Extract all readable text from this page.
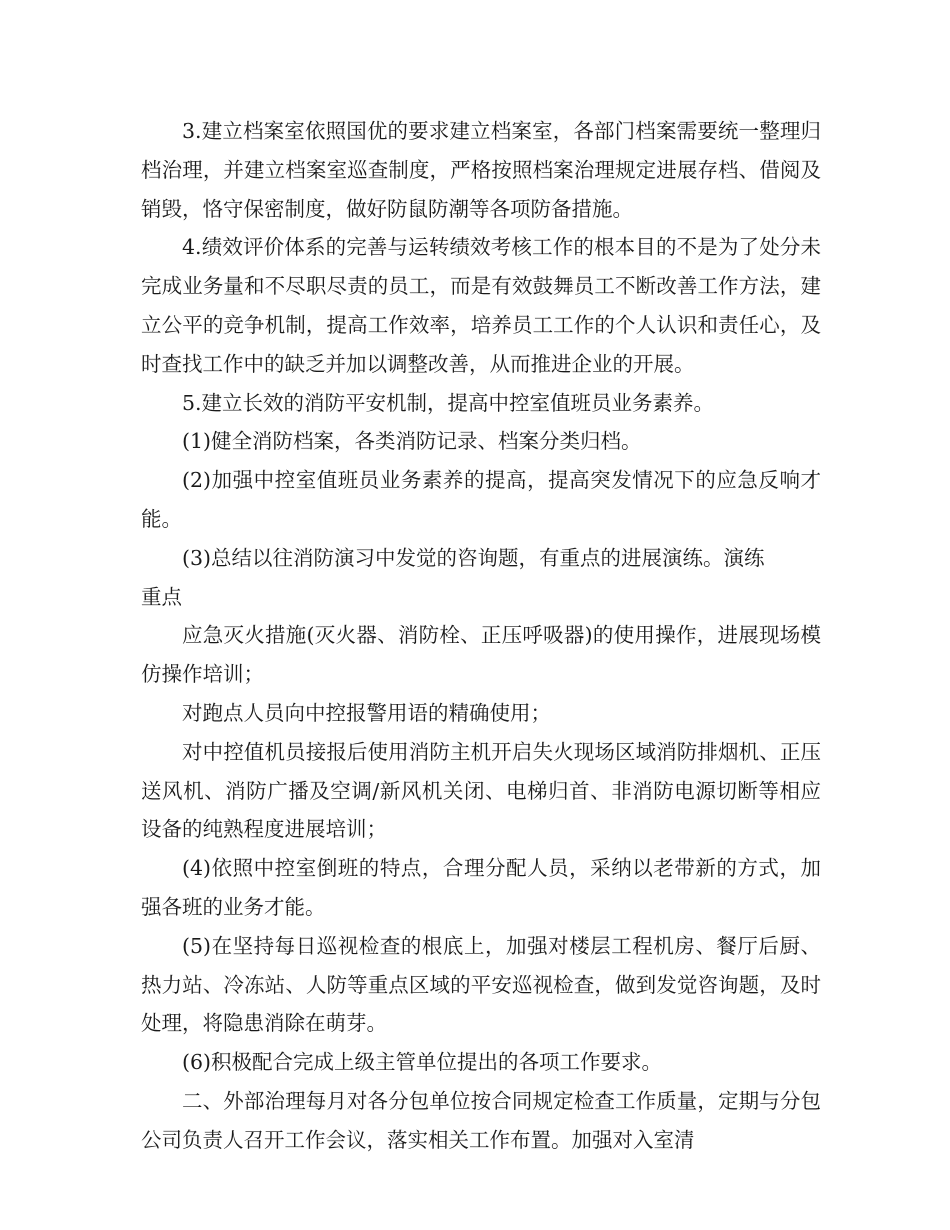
3.建立档案室依照国优的要求建立档案室，各部门档案需要统一整理归档治理，并建立档案室巡查制度，严格按照档案治理规定进展存档、借阅及销毁，恪守保密制度，做好防鼠防潮等各项防备措施。

4.绩效评价体系的完善与运转绩效考核工作的根本目的不是为了处分未完成业务量和不尽职尽责的员工，而是有效鼓舞员工不断改善工作方法，建立公平的竞争机制，提高工作效率，培养员工工作的个人认识和责任心，及时查找工作中的缺乏并加以调整改善，从而推进企业的开展。

5.建立长效的消防平安机制，提高中控室值班员业务素养。

(1)健全消防档案，各类消防记录、档案分类归档。

(2)加强中控室值班员业务素养的提高，提高突发情况下的应急反响才能。

(3)总结以往消防演习中发觉的咨询题，有重点的进展演练。演练

重点

应急灭火措施(灭火器、消防栓、正压呼吸器)的使用操作，进展现场模仿操作培训；

对跑点人员向中控报警用语的精确使用；

对中控值机员接报后使用消防主机开启失火现场区域消防排烟机、正压送风机、消防广播及空调/新风机关闭、电梯归首、非消防电源切断等相应设备的纯熟程度进展培训；

(4)依照中控室倒班的特点，合理分配人员，采纳以老带新的方式，加强各班的业务才能。

(5)在坚持每日巡视检查的根底上，加强对楼层工程机房、餐厅后厨、热力站、冷冻站、人防等重点区域的平安巡视检查，做到发觉咨询题，及时处理，将隐患消除在萌芽。

(6)积极配合完成上级主管单位提出的各项工作要求。

二、外部治理每月对各分包单位按合同规定检查工作质量，定期与分包公司负责人召开工作会议，落实相关工作布置。加强对入室清
